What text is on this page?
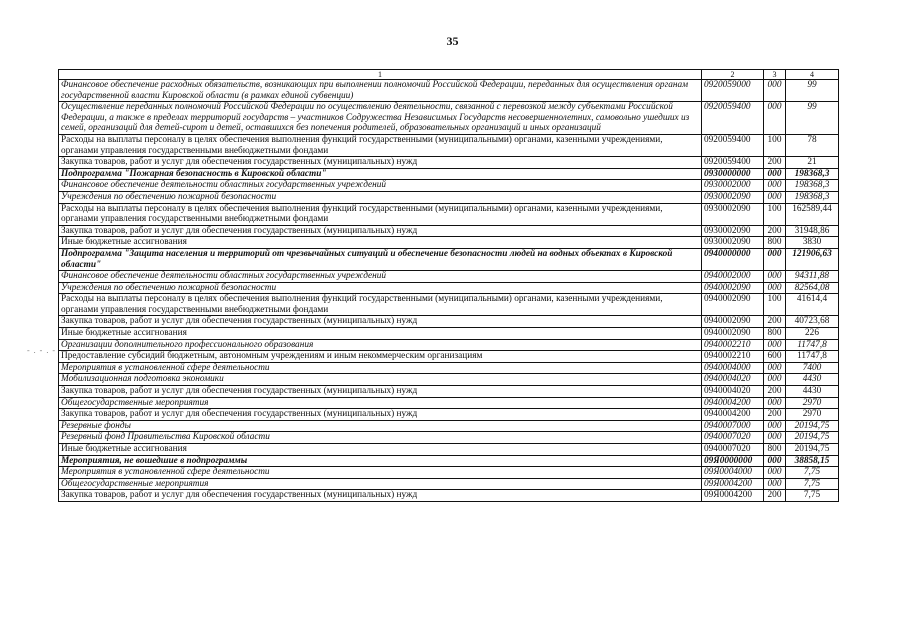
35
- . - . -
1	2	3	4
Финансовое обеспечение расходных обязательств, возникающих при выполнении полномочий Российской Федерации, переданных для осуществления органам государственной власти Кировской области (в рамках единой субвенции)	0920059000	000	99
Осуществление переданных полномочий Российской Федерации по осуществлению деятельности, связанной с перевозкой между субъектами Российской Федерации, а также в пределах территорий государств – участников Содружества Независимых Государств несовершеннолетних, самовольно ушедших из семей, организаций для детей-сирот и детей, оставшихся без попечения родителей, образовательных организаций и иных организаций	0920059400	000	99
Расходы на выплаты персоналу в целях обеспечения выполнения функций государственными (муниципальными) органами, казенными учреждениями, органами управления государственными внебюджетными фондами	0920059400	100	78
Закупка товаров, работ и услуг для обеспечения государственных (муниципальных) нужд	0920059400	200	21
Подпрограмма "Пожарная безопасность в Кировской области"	0930000000	000	198368,3
Финансовое обеспечение деятельности областных государственных учреждений	0930002000	000	198368,3
Учреждения по обеспечению пожарной безопасности	0930002090	000	198368,3
Расходы на выплаты персоналу в целях обеспечения выполнения функций государственными (муниципальными) органами, казенными учреждениями, органами управления государственными внебюджетными фондами	0930002090	100	162589,44
Закупка товаров, работ и услуг для обеспечения государственных (муниципальных) нужд	0930002090	200	31948,86
Иные бюджетные ассигнования	0930002090	800	3830
Подпрограмма "Защита населения и территорий от чрезвычайных ситуаций и обеспечение безопасности людей на водных объектах в Кировской области"	0940000000	000	121906,63
Финансовое обеспечение деятельности областных государственных учреждений	0940002000	000	94311,88
Учреждения по обеспечению пожарной безопасности	0940002090	000	82564,08
Расходы на выплаты персоналу в целях обеспечения выполнения функций государственными (муниципальными) органами, казенными учреждениями, органами управления государственными внебюджетными фондами	0940002090	100	41614,4
Закупка товаров, работ и услуг для обеспечения государственных (муниципальных) нужд	0940002090	200	40723,68
Иные бюджетные ассигнования	0940002090	800	226
Организации дополнительного профессионального образования	0940002210	000	11747,8
Предоставление субсидий бюджетным, автономным учреждениям и иным некоммерческим организациям	0940002210	600	11747,8
Мероприятия в установленной сфере деятельности	0940004000	000	7400
Мобилизационная подготовка экономики	0940004020	000	4430
Закупка товаров, работ и услуг для обеспечения государственных (муниципальных) нужд	0940004020	200	4430
Общегосударственные мероприятия	0940004200	000	2970
Закупка товаров, работ и услуг для обеспечения государственных (муниципальных) нужд	0940004200	200	2970
Резервные фонды	0940007000	000	20194,75
Резервный фонд Правительства Кировской области	0940007020	000	20194,75
Иные бюджетные ассигнования	0940007020	800	20194,75
Мероприятия, не вошедшие в подпрограммы	09Я0000000	000	38858,15
Мероприятия в установленной сфере деятельности	09Я0004000	000	7,75
Общегосударственные мероприятия	09Я0004200	000	7,75
Закупка товаров, работ и услуг для обеспечения государственных (муниципальных) нужд	09Я0004200	200	7,75
